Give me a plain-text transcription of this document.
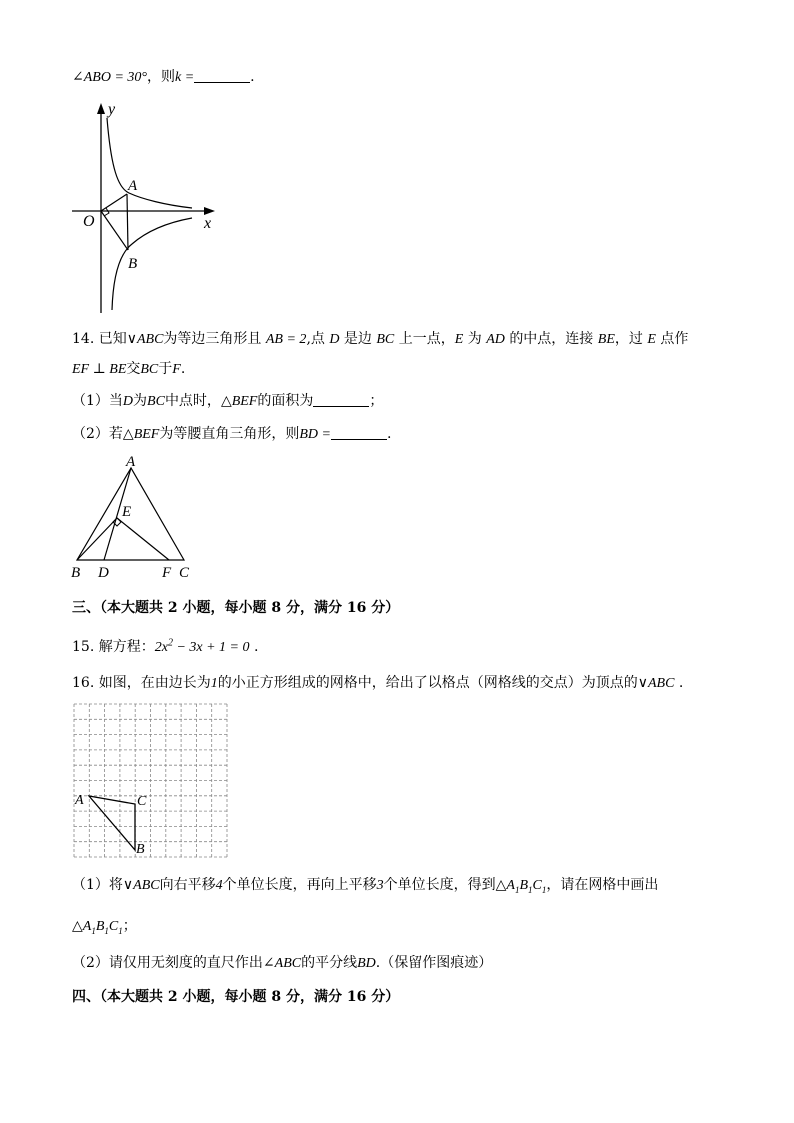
∠ABO = 30°，则k =	.
y
x
O
A
B
14. 已知∨ABC为等边三角形且 AB = 2,点 D 是边 BC 上一点，E 为 AD 的中点，连接 BE，过 E 点作
EF ⊥ BE交BC于F.
（1）当D为BC中点时，△BEF的面积为	；
（2）若△BEF为等腰直角三角形，则BD =	.
A
E
B D	F C
三、（本大题共 2 小题，每小题 8 分，满分 16 分）
15. 解方程：$2x^2 - 3x + 1 = 0$ .
16. 如图，在由边长为1的小正方形组成的网格中，给出了以格点（网格线的交点）为顶点的∨ABC .
A	C
B
（1）将∨ABC向右平移4个单位长度，再向上平移3个单位长度，得到$\triangle A_1B_1C_1$，请在网格中画出
$\triangle A_1B_1C_1$；
（2）请仅用无刻度的直尺作出∠ABC的平分线BD.（保留作图痕迹）
四、（本大题共 2 小题，每小题 8 分，满分 16 分）
